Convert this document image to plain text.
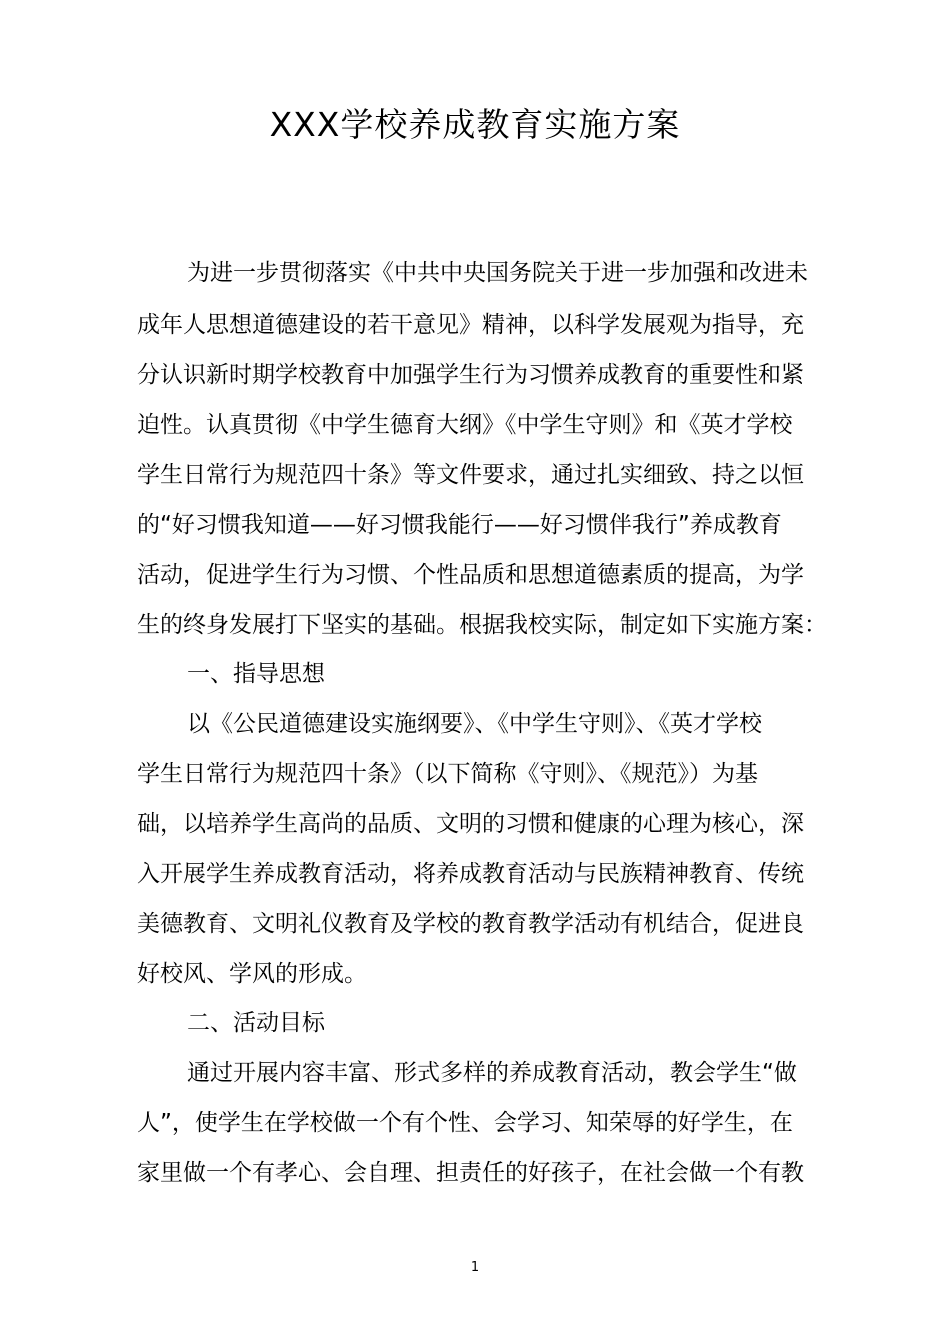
XXX学校养成教育实施方案
为进一步贯彻落实《中共中央国务院关于进一步加强和改进未
成年人思想道德建设的若干意见》精神，以科学发展观为指导，充
分认识新时期学校教育中加强学生行为习惯养成教育的重要性和紧
迫性。认真贯彻《中学生德育大纲》《中学生守则》和《英才学校
学生日常行为规范四十条》等文件要求，通过扎实细致、持之以恒
的“好习惯我知道——好习惯我能行——好习惯伴我行”养成教育
活动，促进学生行为习惯、个性品质和思想道德素质的提高，为学
生的终身发展打下坚实的基础。根据我校实际，制定如下实施方案：
一、指导思想
以《公民道德建设实施纲要》、《中学生守则》、《英才学校
学生日常行为规范四十条》（以下简称《守则》、《规范》）为基
础，以培养学生高尚的品质、文明的习惯和健康的心理为核心，深
入开展学生养成教育活动，将养成教育活动与民族精神教育、传统
美德教育、文明礼仪教育及学校的教育教学活动有机结合，促进良
好校风、学风的形成。
二、活动目标
通过开展内容丰富、形式多样的养成教育活动，教会学生“做
人”，使学生在学校做一个有个性、会学习、知荣辱的好学生，在
家里做一个有孝心、会自理、担责任的好孩子，在社会做一个有教
1
